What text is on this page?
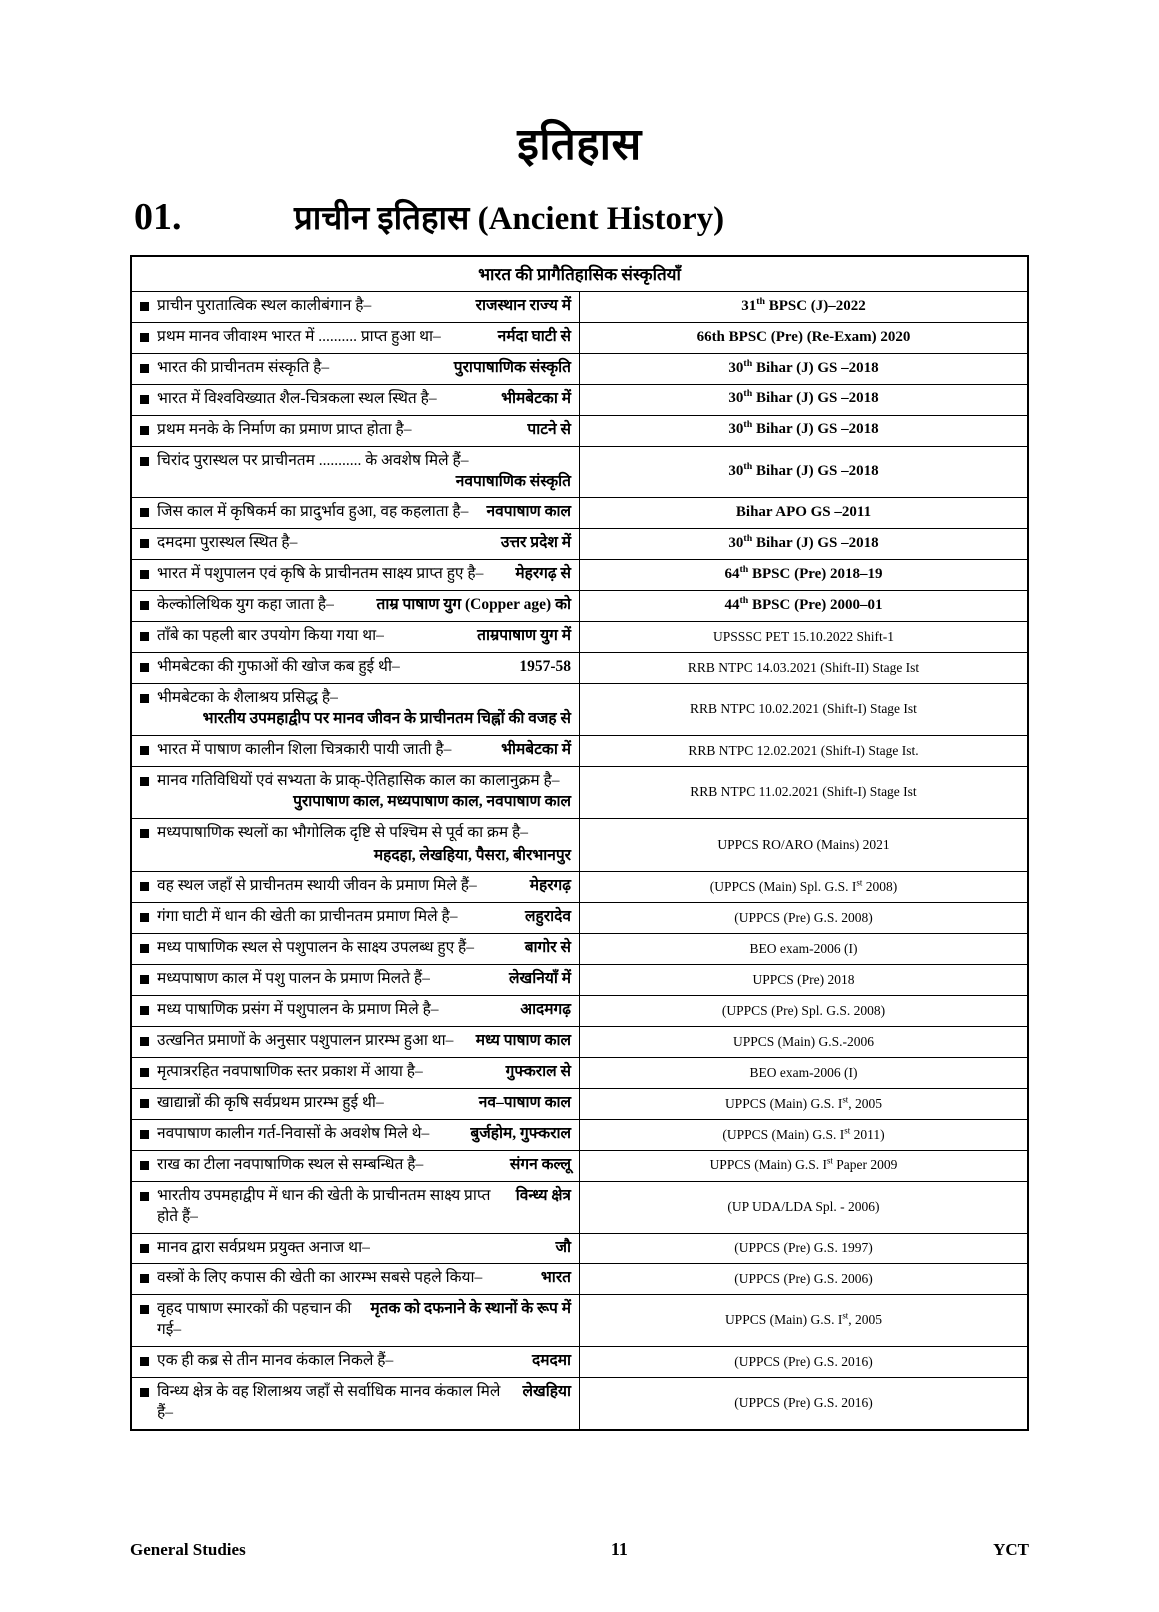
इतिहास
01.	प्राचीन इतिहास (Ancient History)
भारत की प्रागैतिहासिक संस्कृतियाँ	

प्राचीन पुरातात्विक स्थल कालीबंगान है– राजस्थान राज्य में	31th BPSC (J)–2022

प्रथम मानव जीवाश्म भारत में .......... प्राप्त हुआ था– नर्मदा घाटी से	66th BPSC (Pre) (Re-Exam) 2020

भारत की प्राचीनतम संस्कृति है– पुरापाषाणिक संस्कृति	30th Bihar (J) GS –2018

भारत में विश्वविख्यात शैल-चित्रकला स्थल स्थित है– भीमबेटका में	30th Bihar (J) GS –2018

प्रथम मनके के निर्माण का प्रमाण प्राप्त होता है– पाटने से	30th Bihar (J) GS –2018

चिरांद पुरास्थल पर प्राचीनतम ........... के अवशेष मिले हैं–
नवपाषाणिक संस्कृति	30th Bihar (J) GS –2018

जिस काल में कृषिकर्म का प्रादुर्भाव हुआ, वह कहलाता है– नवपाषाण काल	Bihar APO GS –2011

दमदमा पुरास्थल स्थित है– उत्तर प्रदेश में	30th Bihar (J) GS –2018

भारत में पशुपालन एवं कृषि के प्राचीनतम साक्ष्य प्राप्त हुए है– मेहरगढ़ से	64th BPSC (Pre) 2018–19

केल्कोलिथिक युग कहा जाता है– ताम्र पाषाण युग (Copper age) को	44th BPSC (Pre) 2000–01

ताँबे का पहली बार उपयोग किया गया था– ताम्रपाषाण युग में	UPSSSC PET 15.10.2022 Shift-1

भीमबेटका की गुफाओं की खोज कब हुई थी– 1957-58	RRB NTPC 14.03.2021 (Shift-II) Stage Ist

भीमबेटका के शैलाश्रय प्रसिद्ध है–
भारतीय उपमहाद्वीप पर मानव जीवन के प्राचीनतम चिह्नों की वजह से	RRB NTPC 10.02.2021 (Shift-I) Stage Ist

भारत में पाषाण कालीन शिला चित्रकारी पायी जाती है– भीमबेटका में	RRB NTPC 12.02.2021 (Shift-I) Stage Ist.

मानव गतिविधियों एवं सभ्यता के प्राक्-ऐतिहासिक काल का कालानुक्रम है–
पुरापाषाण काल, मध्यपाषाण काल, नवपाषाण काल	RRB NTPC 11.02.2021 (Shift-I) Stage Ist

मध्यपाषाणिक स्थलों का भौगोलिक दृष्टि से पश्चिम से पूर्व का क्रम है–
महदहा, लेखहिया, पैसरा, बीरभानपुर	UPPCS RO/ARO (Mains) 2021

वह स्थल जहाँ से प्राचीनतम स्थायी जीवन के प्रमाण मिले हैं– मेहरगढ़	(UPPCS (Main) Spl. G.S. Ist 2008)

गंगा घाटी में धान की खेती का प्राचीनतम प्रमाण मिले है– लहुरादेव	(UPPCS (Pre) G.S. 2008)

मध्य पाषाणिक स्थल से पशुपालन के साक्ष्य उपलब्ध हुए हैं– बागोर से	BEO exam-2006 (I)

मध्यपाषाण काल में पशु पालन के प्रमाण मिलते हैं– लेखनियाँ में	UPPCS (Pre) 2018

मध्य पाषाणिक प्रसंग में पशुपालन के प्रमाण मिले है– आदमगढ़	(UPPCS (Pre) Spl. G.S. 2008)

उत्खनित प्रमाणों के अनुसार पशुपालन प्रारम्भ हुआ था– मध्य पाषाण काल	UPPCS (Main) G.S.-2006

मृत्पात्ररहित नवपाषाणिक स्तर प्रकाश में आया है– गुफ्कराल से	BEO exam-2006 (I)

खाद्यान्नों की कृषि सर्वप्रथम प्रारम्भ हुई थी– नव–पाषाण काल	UPPCS (Main) G.S. Ist, 2005

नवपाषाण कालीन गर्त-निवासों के अवशेष मिले थे– बुर्जहोम, गुफ्कराल	(UPPCS (Main) G.S. Ist 2011)

राख का टीला नवपाषाणिक स्थल से सम्बन्धित है– संगन कल्लू	UPPCS (Main) G.S. Ist Paper 2009

भारतीय उपमहाद्वीप में धान की खेती के प्राचीनतम साक्ष्य प्राप्त होते हैं–
विन्ध्य क्षेत्र	(UP UDA/LDA Spl. - 2006)

मानव द्वारा सर्वप्रथम प्रयुक्त अनाज था– जौ	(UPPCS (Pre) G.S. 1997)

वस्त्रों के लिए कपास की खेती का आरम्भ सबसे पहले किया– भारत	(UPPCS (Pre) G.S. 2006)

वृहद पाषाण स्मारकों की पहचान की गई–
मृतक को दफनाने के स्थानों के रूप में	UPPCS (Main) G.S. Ist, 2005

एक ही कब्र से तीन मानव कंकाल निकले हैं– दमदमा	(UPPCS (Pre) G.S. 2016)

विन्ध्य क्षेत्र के वह शिलाश्रय जहाँ से सर्वाधिक मानव कंकाल मिले हैं–
लेखहिया	(UPPCS (Pre) G.S. 2016)
General Studies	11	YCT
